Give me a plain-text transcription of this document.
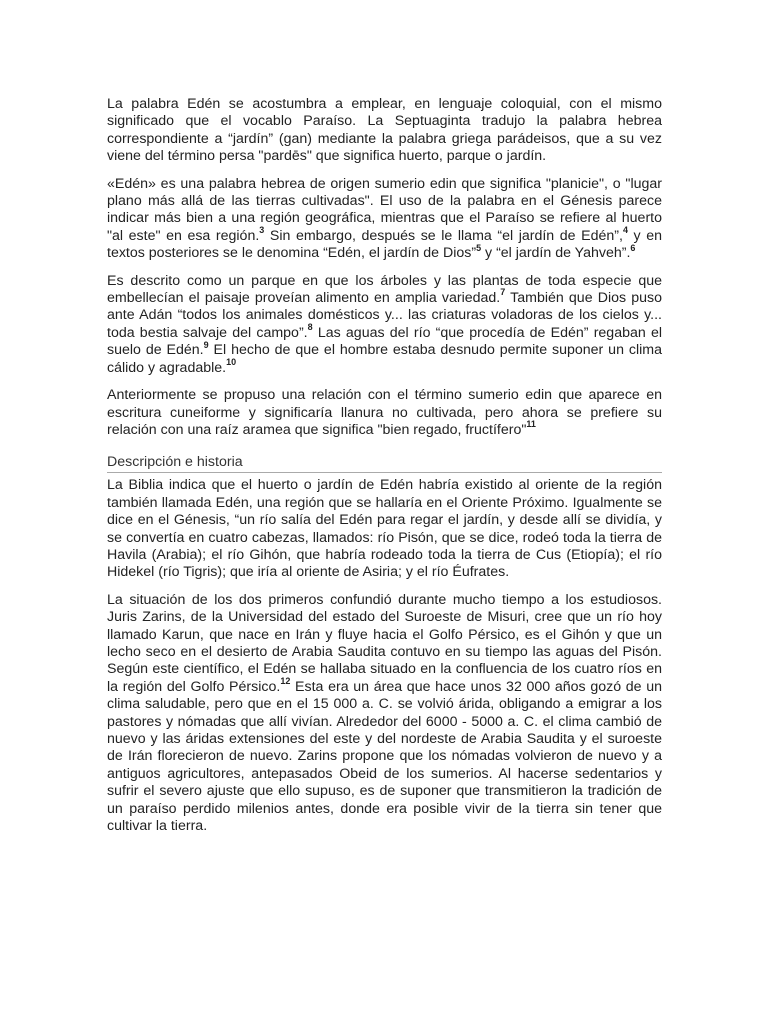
La palabra Edén se acostumbra a emplear, en lenguaje coloquial, con el mismo significado que el vocablo Paraíso. La Septuaginta tradujo la palabra hebrea correspondiente a “jardín” (gan) mediante la palabra griega parádeisos, que a su vez viene del término persa "pardēs" que significa huerto, parque o jardín.

«Edén» es una palabra hebrea de origen sumerio edin que significa "planicie", o "lugar plano más allá de las tierras cultivadas". El uso de la palabra en el Génesis parece indicar más bien a una región geográfica, mientras que el Paraíso se refiere al huerto "al este" en esa región.$^3$ Sin embargo, después se le llama “el jardín de Edén”,$^4$ y en textos posteriores se le denomina “Edén, el jardín de Dios”$^5$ y “el jardín de Yahveh”.$^6$

Es descrito como un parque en que los árboles y las plantas de toda especie que embellecían el paisaje proveían alimento en amplia variedad.$^7$ También que Dios puso ante Adán “todos los animales domésticos y... las criaturas voladoras de los cielos y... toda bestia salvaje del campo”.$^8$ Las aguas del río “que procedía de Edén” regaban el suelo de Edén.$^9$ El hecho de que el hombre estaba desnudo permite suponer un clima cálido y agradable.$^{10}$

Anteriormente se propuso una relación con el término sumerio edin que aparece en escritura cuneiforme y significaría llanura no cultivada, pero ahora se prefiere su relación con una raíz aramea que significa "bien regado, fructífero"$^{11}$

Descripción e historia

La Biblia indica que el huerto o jardín de Edén habría existido al oriente de la región también llamada Edén, una región que se hallaría en el Oriente Próximo. Igualmente se dice en el Génesis, “un río salía del Edén para regar el jardín, y desde allí se dividía, y se convertía en cuatro cabezas, llamados: río Pisón, que se dice, rodeó toda la tierra de Havila (Arabia); el río Gihón, que habría rodeado toda la tierra de Cus (Etiopía); el río Hidekel (río Tigris); que iría al oriente de Asiria; y el río Éufrates.

La situación de los dos primeros confundió durante mucho tiempo a los estudiosos. Juris Zarins, de la Universidad del estado del Suroeste de Misuri, cree que un río hoy llamado Karun, que nace en Irán y fluye hacia el Golfo Pérsico, es el Gihón y que un lecho seco en el desierto de Arabia Saudita contuvo en su tiempo las aguas del Pisón. Según este científico, el Edén se hallaba situado en la confluencia de los cuatro ríos en la región del Golfo Pérsico.$^{12}$ Esta era un área que hace unos 32 000 años gozó de un clima saludable, pero que en el 15 000 a. C. se volvió árida, obligando a emigrar a los pastores y nómadas que allí vivían. Alrededor del 6000 - 5000 a. C. el clima cambió de nuevo y las áridas extensiones del este y del nordeste de Arabia Saudita y el suroeste de Irán florecieron de nuevo. Zarins propone que los nómadas volvieron de nuevo y a antiguos agricultores, antepasados Obeid de los sumerios. Al hacerse sedentarios y sufrir el severo ajuste que ello supuso, es de suponer que transmitieron la tradición de un paraíso perdido milenios antes, donde era posible vivir de la tierra sin tener que cultivar la tierra.
